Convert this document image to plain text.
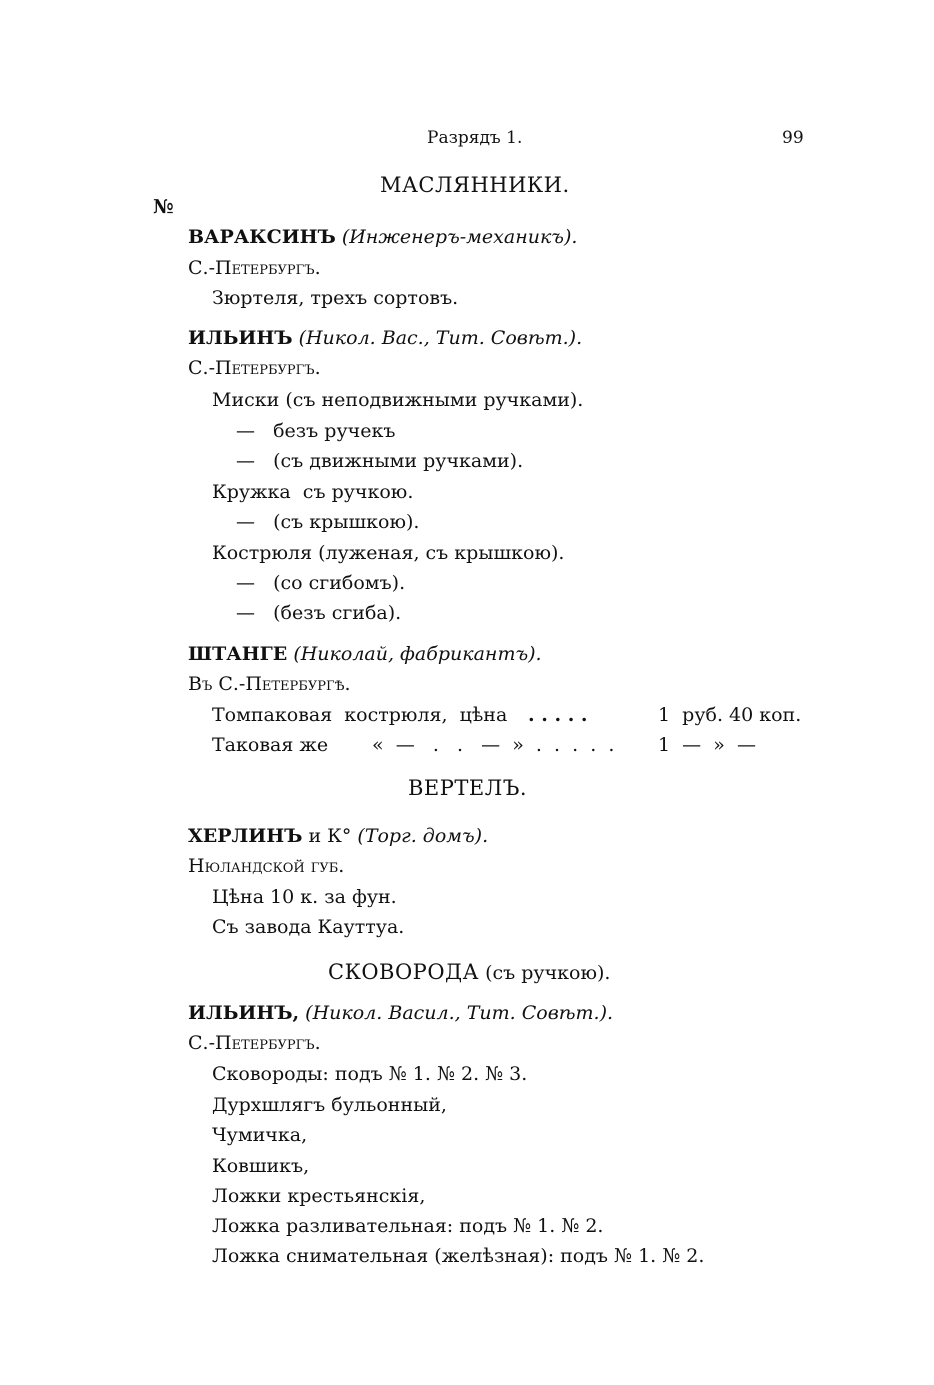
Разрядъ 1.	99
МАСЛЯННИКИ.
№
ВАРАКСИНЪ (Инженеръ-механикъ).
С.-Петербургъ.
Зюртеля, трехъ сортовъ.
ИЛЬИНЪ (Никол. Вас., Тит. Совѣт.).
С.-Петербургъ.
Миски (съ неподвижными ручками).
—   безъ ручекъ
—   (съ движными ручками).
Кружка  съ ручкою.
—   (съ крышкою).
Кострюля (луженая, съ крышкою).
—   (со сгибомъ).
—   (безъ сгиба).
ШТАНГЕ (Николай, фабрикантъ).
Въ С.-Петербургѣ.
Томпаковая  кострюля,  цѣна . . . . .	1  руб. 40 коп.
Таковая же «  —   .   .   —  »  .  .  .  .  . 1  —  »  —
ВЕРТЕЛЪ.
ХЕРЛИНЪ и К° (Торг. домъ).
Нюландской губ.
Цѣна 10 к. за фун.
Съ завода Кауттуа.
СКОВОРОДА (съ ручкою).
ИЛЬИНЪ, (Никол. Васил., Тит. Совѣт.).
С.-Петербургъ.
Сковороды: подъ № 1. № 2. № 3.
Дурхшлягъ бульонный,
Чумичка,
Ковшикъ,
Ложки крестьянскія,
Ложка разливательная: подъ № 1. № 2.
Ложка снимательная (желѣзная): подъ № 1. № 2.
